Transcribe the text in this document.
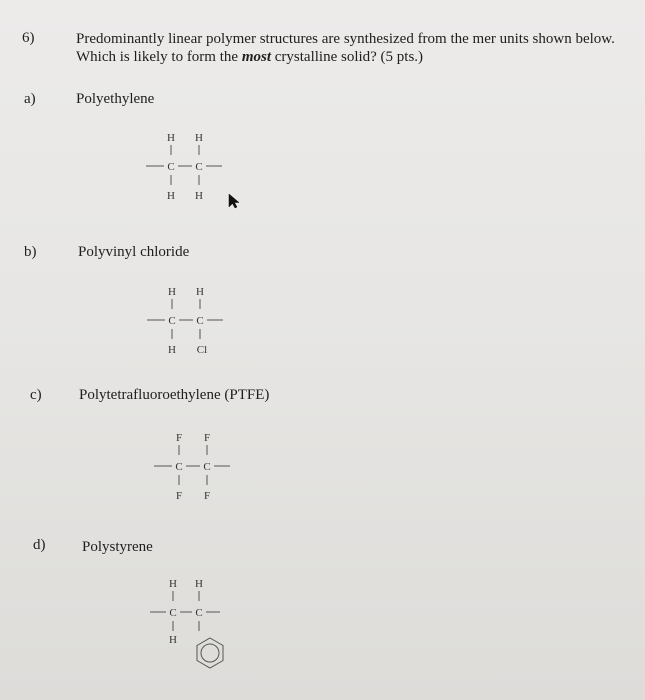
6)	Predominantly linear polymer structures are synthesized from the mer units shown below. Which is likely to form the most crystalline solid? (5 pts.)
a)	Polyethylene
H H
C C
H H
b)	Polyvinyl chloride
H H
C C
H Cl
c) Polytetrafluoroethylene (PTFE)
F F
C C
F F
d) Polystyrene
H H
C C
H
